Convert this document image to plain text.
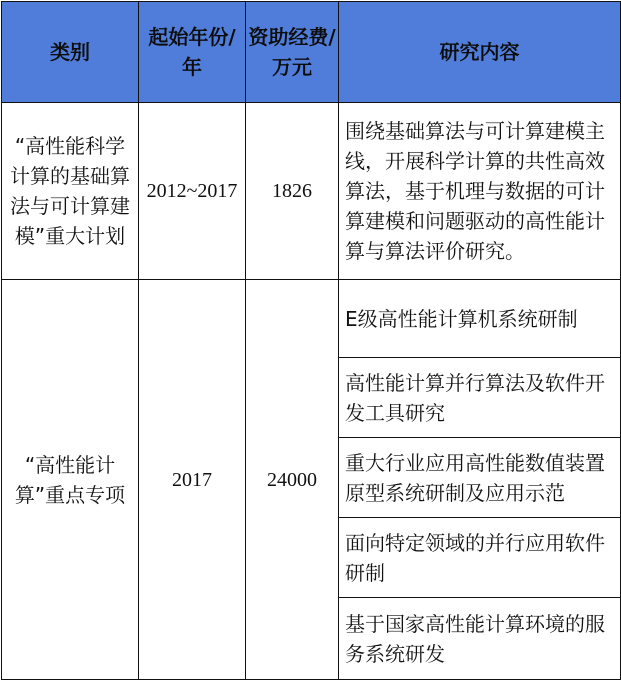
类别	起始年份/年	资助经费/万元	研究内容
“高性能科学计算的基础算法与可计算建模”重大计划	2012~2017	1826	围绕基础算法与可计算建模主线，开展科学计算的共性高效算法，基于机理与数据的可计算建模和问题驱动的高性能计算与算法评价研究。
“高性能计算”重点专项	2017	24000	E级高性能计算机系统研制
			高性能计算并行算法及软件开发工具研究
			重大行业应用高性能数值装置原型系统研制及应用示范
			面向特定领域的并行应用软件研制
			基于国家高性能计算环境的服务系统研发
